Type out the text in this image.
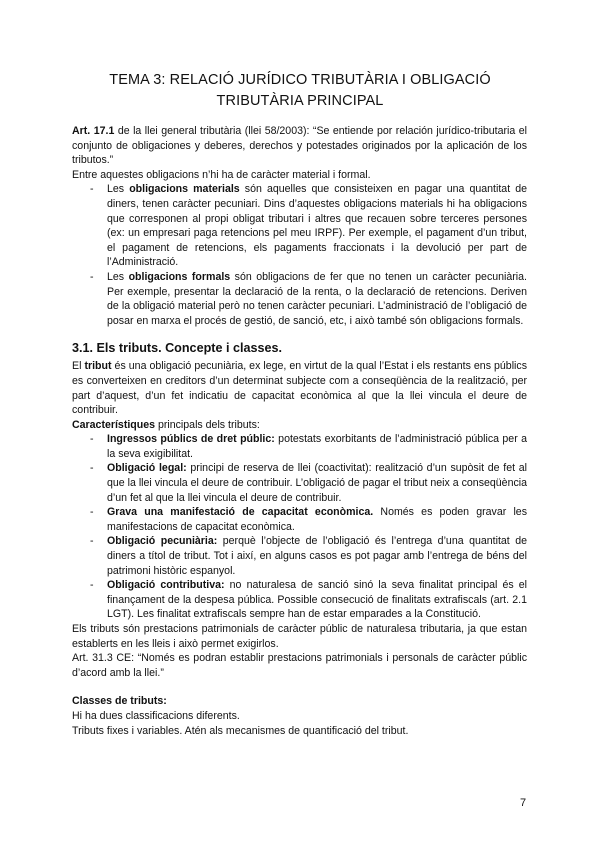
TEMA 3: RELACIÓ JURÍDICO TRIBUTÀRIA I OBLIGACIÓ TRIBUTÀRIA PRINCIPAL

Art. 17.1 de la llei general tributària (llei 58/2003): “Se entiende por relación jurídico-tributaria el conjunto de obligaciones y deberes, derechos y potestades originados por la aplicación de los tributos.”

Entre aquestes obligacions n’hi ha de caràcter material i formal.

- Les obligacions materials són aquelles que consisteixen en pagar una quantitat de diners, tenen caràcter pecuniari. Dins d’aquestes obligacions materials hi ha obligacions que corresponen al propi obligat tributari i altres que recauen sobre terceres persones (ex: un empresari paga retencions pel meu IRPF). Per exemple, el pagament d’un tribut, el pagament de retencions, els pagaments fraccionats i la devolució per part de l’Administració.
- Les obligacions formals són obligacions de fer que no tenen un caràcter pecuniària. Per exemple, presentar la declaració de la renta, o la declaració de retencions. Deriven de la obligació material però no tenen caràcter pecuniari. L’administració de l’obligació de posar en marxa el procés de gestió, de sanció, etc, i això també són obligacions formals.
3.1. Els tributs. Concepte i classes.

El tribut és una obligació pecuniària, ex lege, en virtut de la qual l’Estat i els restants ens públics es converteixen en creditors d’un determinat subjecte com a conseqüència de la realització, per part d’aquest, d’un fet indicatiu de capacitat econòmica al que la llei vincula el deure de contribuir.

Característiques principals dels tributs:

- Ingressos públics de dret públic: potestats exorbitants de l’administració pública per a la seva exigibilitat.
- Obligació legal: principi de reserva de llei (coactivitat): realització d’un supòsit de fet al que la llei vincula el deure de contribuir. L’obligació de pagar el tribut neix a conseqüència d’un fet al que la llei vincula el deure de contribuir.
- Grava una manifestació de capacitat econòmica. Només es poden gravar les manifestacions de capacitat econòmica.
- Obligació pecuniària: perquè l’objecte de l’obligació és l’entrega d’una quantitat de diners a títol de tribut. Tot i així, en alguns casos es pot pagar amb l’entrega de béns del patrimoni històric espanyol.
- Obligació contributiva: no naturalesa de sanció sinó la seva finalitat principal és el finançament de la despesa pública. Possible consecució de finalitats extrafiscals (art. 2.1 LGT). Les finalitat extrafiscals sempre han de estar emparades a la Constitució.

Els tributs són prestacions patrimonials de caràcter públic de naturalesa tributaria, ja que estan establerts en les lleis i això permet exigirlos.

Art. 31.3 CE: “Només es podran establir prestacions patrimonials i personals de caràcter públic d’acord amb la llei.”

Classes de tributs:

Hi ha dues classificacions diferents.

Tributs fixes i variables. Atén als mecanismes de quantificació del tribut.

7
